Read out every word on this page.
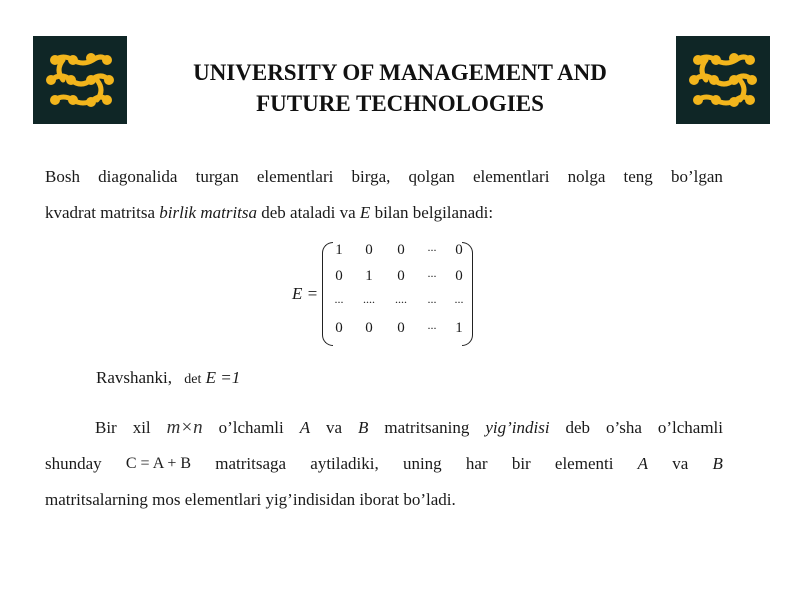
UNIVERSITY OF MANAGEMENT AND
FUTURE TECHNOLOGIES
Bosh diagonalida turgan elementlari birga, qolgan elementlari nolga teng bo’lgan
kvadrat matritsa birlik matritsa deb ataladi va E bilan belgilanadi:
E =
1	0	0	...	0
0	1	0	...	0
...	....	....	...	...
0	0	0	...	1
Ravshanki, det E =1
Bir xil m×n o’lchamli A va B matritsaning yig’indisi deb o’sha o’lchamli
shunday C = A + B matritsaga aytiladiki, uning har bir elementi A va B
matritsalarning mos elementlari yig’indisidan iborat bo’ladi.
